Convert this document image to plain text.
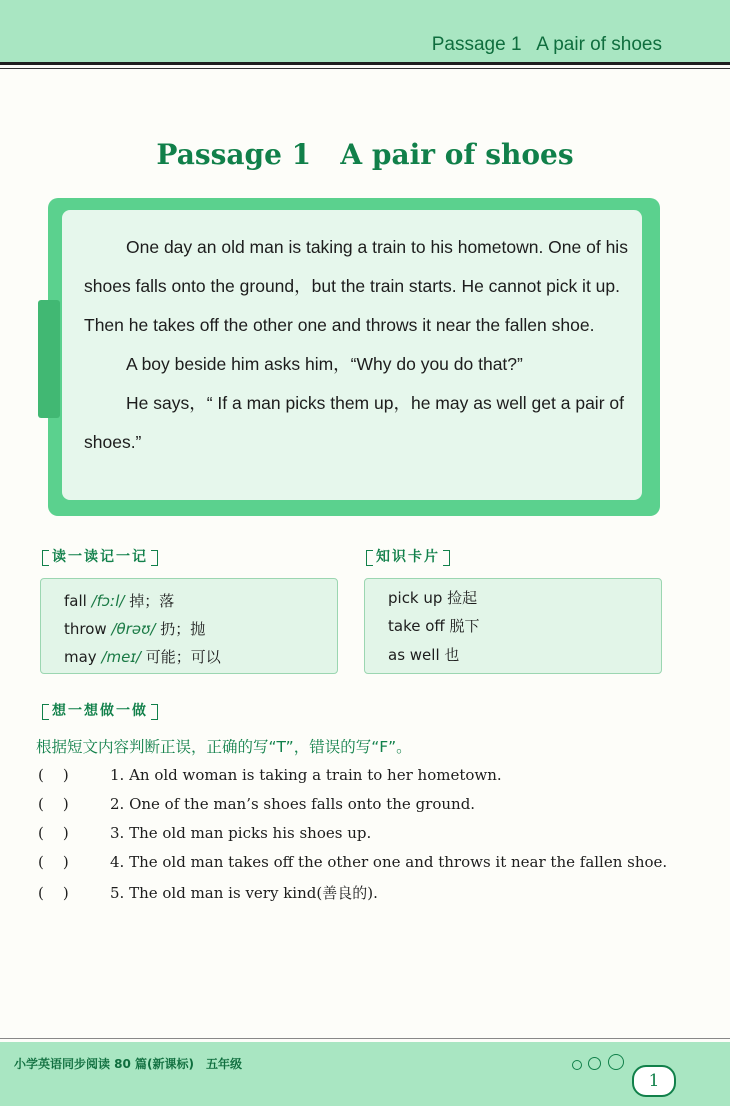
Passage 1   A pair of shoes
Passage 1   A pair of shoes

One day an old man is taking a train to his hometown. One of his shoes falls onto the ground，but the train starts. He cannot pick it up. Then he takes off the other one and throws it near the fallen shoe.

A boy beside him asks him，“Why do you do that?”

He says，“ If a man picks them up，he may as well get a pair of shoes.”

读一读记一记	知识卡片
fall /fɔːl/ 掉；落
throw /θrəʊ/ 扔；抛
may /meɪ/ 可能；可以
pick up 捡起
take off 脱下
as well 也
想一想做一做
根据短文内容判断正误，正确的写“T”，错误的写“F”。
(    )	1. An old woman is taking a train to her hometown.
(    )	2. One of the man’s shoes falls onto the ground.
(    )	3. The old man picks his shoes up.
(    )	4. The old man takes off the other one and throws it near the fallen shoe.
(    )	5. The old man is very kind(善良的).
小学英语同步阅读 80 篇(新课标)　五年级
1
